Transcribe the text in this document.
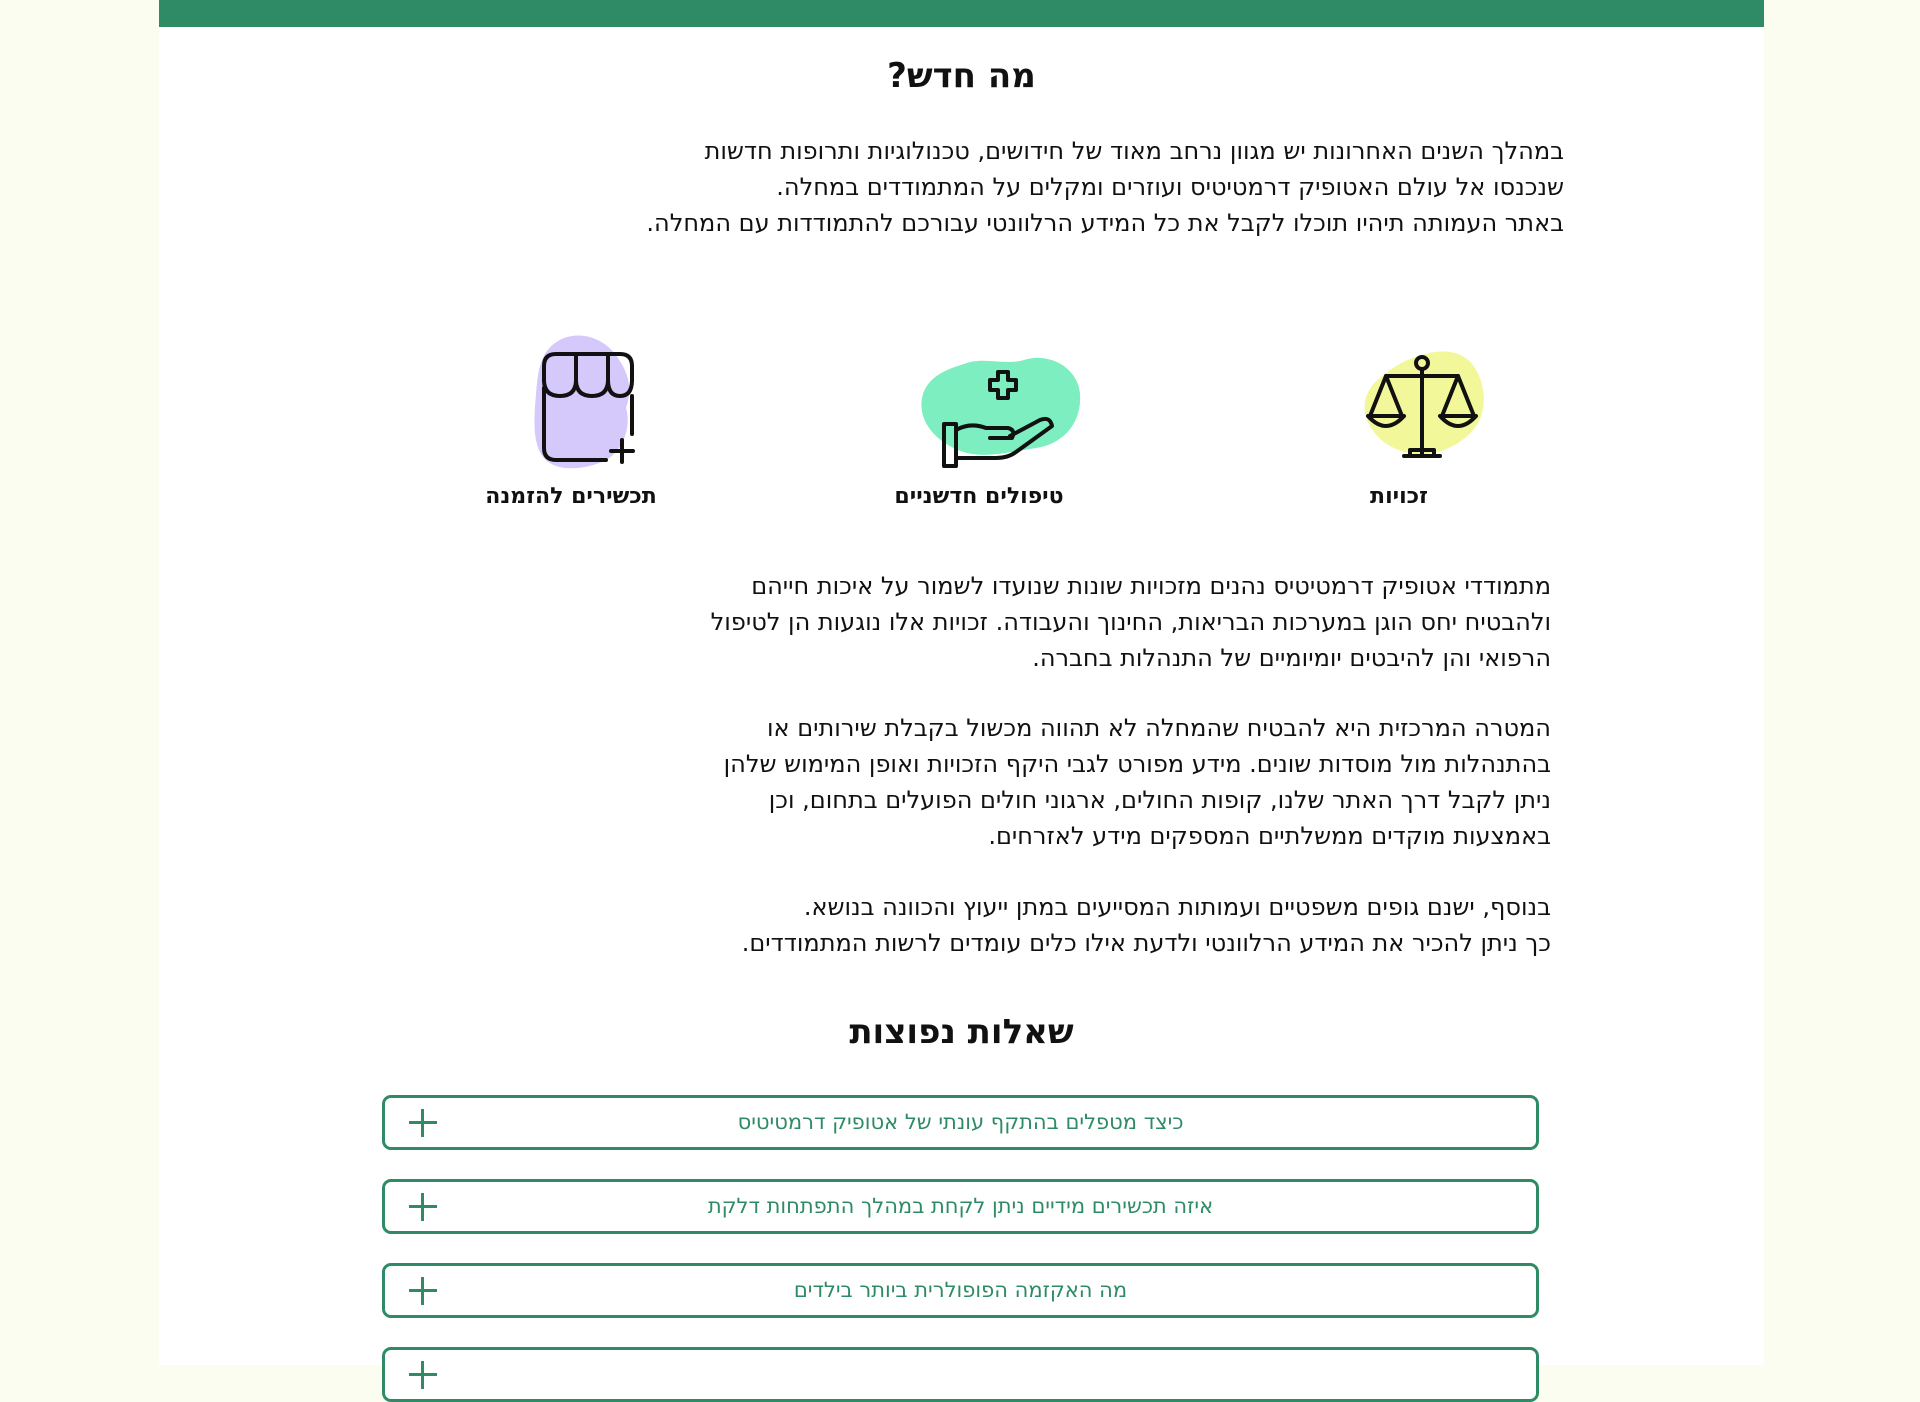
מה חדש?

במהלך השנים האחרונות יש מגוון נרחב מאוד של חידושים, טכנולוגיות ותרופות חדשות
שנכנסו אל עולם האטופיק דרמטיטיס ועוזרים ומקלים על המתמודדים במחלה.
באתר העמותה תיהיו תוכלו לקבל את כל המידע הרלוונטי עבורכם להתמודדות עם המחלה.

זכויות
טיפולים חדשניים
תכשירים להזמנה

מתמודדי אטופיק דרמטיטיס נהנים מזכויות שונות שנועדו לשמור על איכות חייהם
ולהבטיח יחס הוגן במערכות הבריאות, החינוך והעבודה. זכויות אלו נוגעות הן לטיפול
הרפואי והן להיבטים יומיומיים של התנהלות בחברה.

המטרה המרכזית היא להבטיח שהמחלה לא תהווה מכשול בקבלת שירותים או
בהתנהלות מול מוסדות שונים. מידע מפורט לגבי היקף הזכויות ואופן המימוש שלהן
ניתן לקבל דרך האתר שלנו, קופות החולים, ארגוני חולים הפועלים בתחום, וכן
באמצעות מוקדים ממשלתיים המספקים מידע לאזרחים.

בנוסף, ישנם גופים משפטיים ועמותות המסייעים במתן ייעוץ והכוונה בנושא.
כך ניתן להכיר את המידע הרלוונטי ולדעת אילו כלים עומדים לרשות המתמודדים.

שאלות נפוצות
כיצד מטפלים בהתקף עונתי של אטופיק דרמטיטיס
איזה תכשירים מידיים ניתן לקחת במהלך התפתחות דלקת
מה האקזמה הפופולרית ביותר בילדים
